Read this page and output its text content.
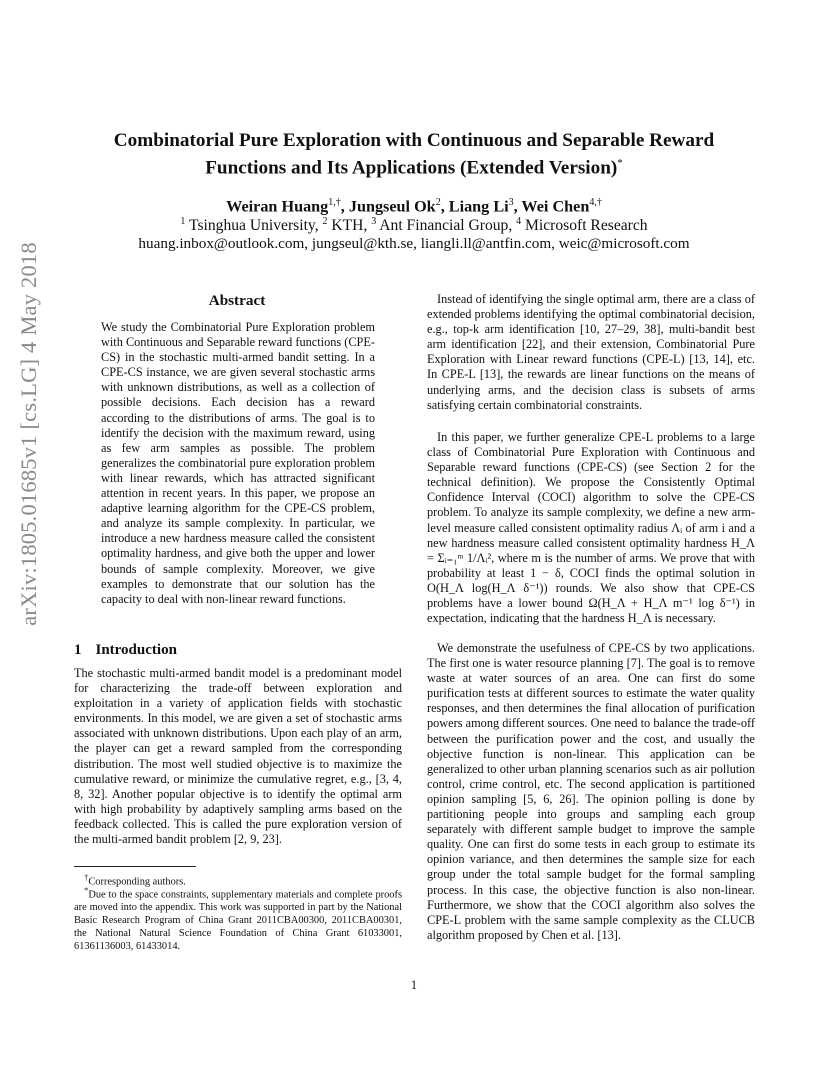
arXiv:1805.01685v1 [cs.LG] 4 May 2018
Combinatorial Pure Exploration with Continuous and Separable Reward Functions and Its Applications (Extended Version)*
Weiran Huang$^{1,\dagger}$, Jungseul Ok$^2$, Liang Li$^3$, Wei Chen$^{4,\dagger}$
$^1$ Tsinghua University, $^2$ KTH, $^3$ Ant Financial Group, $^4$ Microsoft Research
huang.inbox@outlook.com, jungseul@kth.se, liangli.ll@antfin.com, weic@microsoft.com
Abstract

We study the Combinatorial Pure Exploration problem with Continuous and Separable reward functions (CPE-CS) in the stochastic multi-armed bandit setting. In a CPE-CS instance, we are given several stochastic arms with unknown distributions, as well as a collection of possible decisions. Each decision has a reward according to the distributions of arms. The goal is to identify the decision with the maximum reward, using as few arm samples as possible. The problem generalizes the combinatorial pure exploration problem with linear rewards, which has attracted significant attention in recent years. In this paper, we propose an adaptive learning algorithm for the CPE-CS problem, and analyze its sample complexity. In particular, we introduce a new hardness measure called the consistent optimality hardness, and give both the upper and lower bounds of sample complexity. Moreover, we give examples to demonstrate that our solution has the capacity to deal with non-linear reward functions.

1 Introduction

The stochastic multi-armed bandit model is a predominant model for characterizing the trade-off between exploration and exploitation in a variety of application fields with stochastic environments. In this model, we are given a set of stochastic arms associated with unknown distributions. Upon each play of an arm, the player can get a reward sampled from the corresponding distribution. The most well studied objective is to maximize the cumulative reward, or minimize the cumulative regret, e.g., [3, 4, 8, 32]. Another popular objective is to identify the optimal arm with high probability by adaptively sampling arms based on the feedback collected. This is called the pure exploration version of the multi-armed bandit problem [2, 9, 23].

†Corresponding authors.

*Due to the space constraints, supplementary materials and complete proofs are moved into the appendix. This work was supported in part by the National Basic Research Program of China Grant 2011CBA00300, 2011CBA00301, the National Natural Science Foundation of China Grant 61033001, 61361136003, 61433014.

Instead of identifying the single optimal arm, there are a class of extended problems identifying the optimal combinatorial decision, e.g., top-k arm identification [10, 27–29, 38], multi-bandit best arm identification [22], and their extension, Combinatorial Pure Exploration with Linear reward functions (CPE-L) [13, 14], etc. In CPE-L [13], the rewards are linear functions on the means of underlying arms, and the decision class is subsets of arms satisfying certain combinatorial constraints.

In this paper, we further generalize CPE-L problems to a large class of Combinatorial Pure Exploration with Continuous and Separable reward functions (CPE-CS) (see Section 2 for the technical definition). We propose the Consistently Optimal Confidence Interval (COCI) algorithm to solve the CPE-CS problem. To analyze its sample complexity, we define a new arm-level measure called consistent optimality radius Λᵢ of arm i and a new hardness measure called consistent optimality hardness H_Λ = Σᵢ₌₁ᵐ 1/Λᵢ², where m is the number of arms. We prove that with probability at least 1 − δ, COCI finds the optimal solution in O(H_Λ log(H_Λ δ⁻¹)) rounds. We also show that CPE-CS problems have a lower bound Ω(H_Λ + H_Λ m⁻¹ log δ⁻¹) in expectation, indicating that the hardness H_Λ is necessary.

We demonstrate the usefulness of CPE-CS by two applications. The first one is water resource planning [7]. The goal is to remove waste at water sources of an area. One can first do some purification tests at different sources to estimate the water quality responses, and then determines the final allocation of purification powers among different sources. One need to balance the trade-off between the purification power and the cost, and usually the objective function is non-linear. This application can be generalized to other urban planning scenarios such as air pollution control, crime control, etc. The second application is partitioned opinion sampling [5, 6, 26]. The opinion polling is done by partitioning people into groups and sampling each group separately with different sample budget to improve the sample quality. One can first do some tests in each group to estimate its opinion variance, and then determines the sample size for each group under the total sample budget for the formal sampling process. In this case, the objective function is also non-linear. Furthermore, we show that the COCI algorithm also solves the CPE-L problem with the same sample complexity as the CLUCB algorithm proposed by Chen et al. [13].

1
